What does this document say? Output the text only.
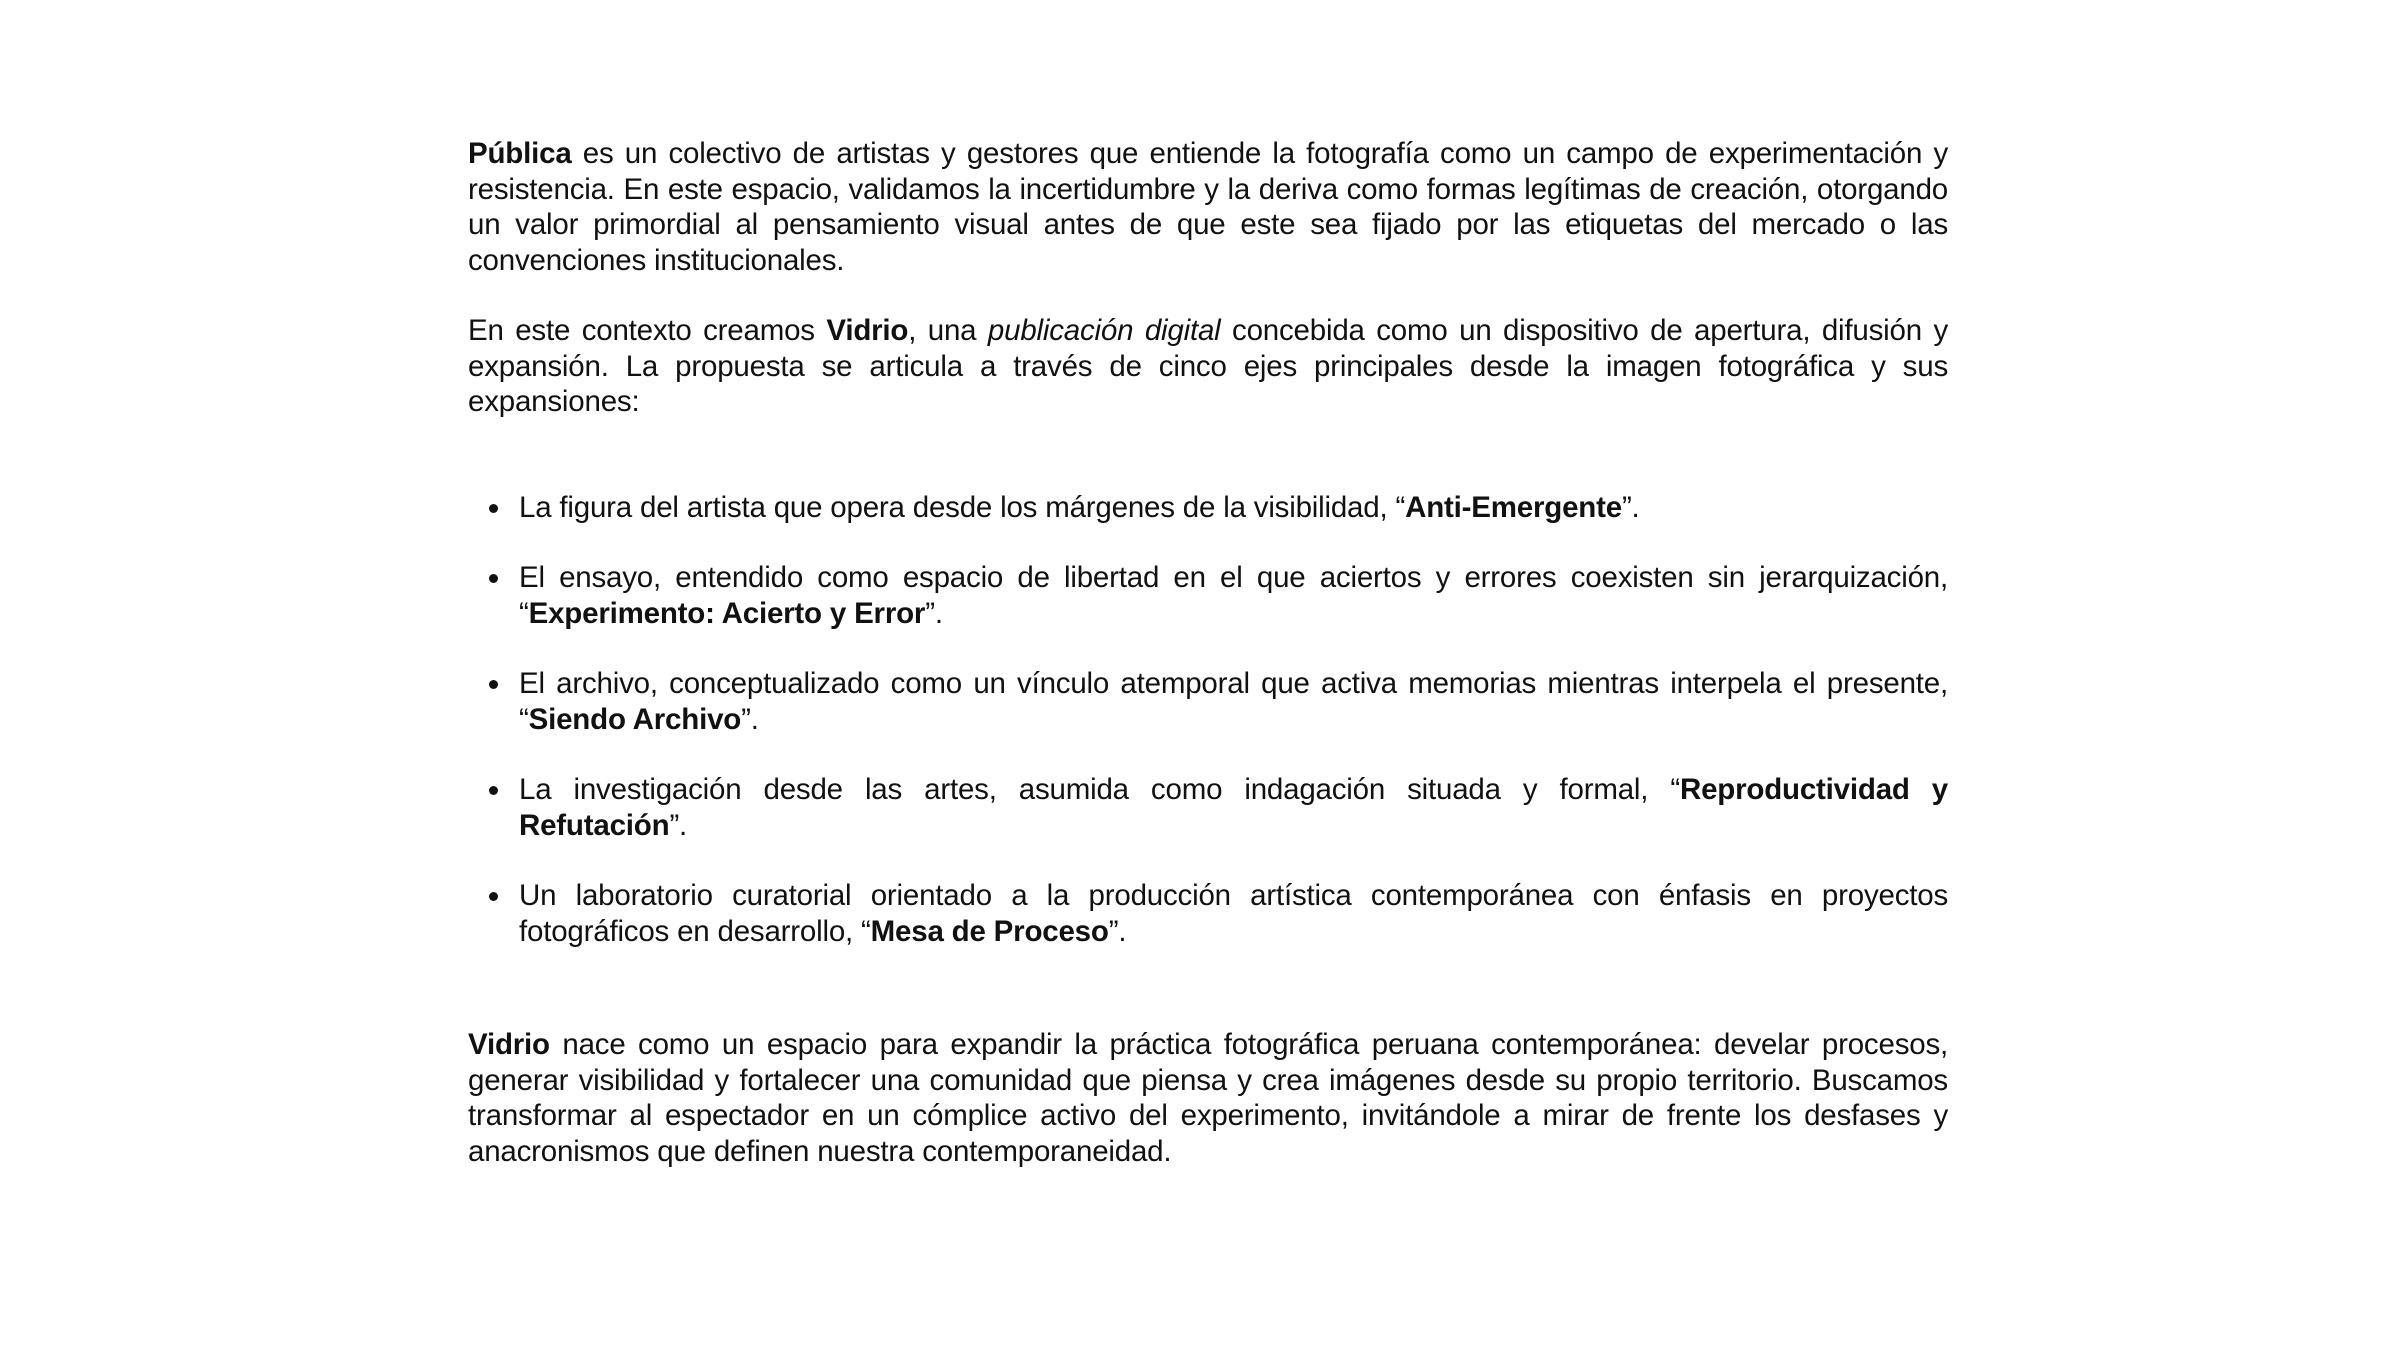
Pública es un colectivo de artistas y gestores que entiende la fotografía como un campo de experimentación y resistencia. En este espacio, validamos la incertidumbre y la deriva como formas legítimas de creación, otorgando un valor primordial al pensamiento visual antes de que este sea fijado por las etiquetas del mercado o las convenciones institucionales.

En este contexto creamos Vidrio, una publicación digital concebida como un dispositivo de apertura, difusión y expansión. La propuesta se articula a través de cinco ejes principales desde la imagen fotográfica y sus expansiones:

La figura del artista que opera desde los márgenes de la visibilidad, “Anti-Emergente”.
El ensayo, entendido como espacio de libertad en el que aciertos y errores coexisten sin jerarquización, “Experimento: Acierto y Error”.
El archivo, conceptualizado como un vínculo atemporal que activa memorias mientras interpela el presente, “Siendo Archivo”.
La investigación desde las artes, asumida como indagación situada y formal, “Reproductividad y Refutación”.
Un laboratorio curatorial orientado a la producción artística contemporánea con énfasis en proyectos fotográficos en desarrollo, “Mesa de Proceso”.

Vidrio nace como un espacio para expandir la práctica fotográfica peruana contemporánea: develar procesos, generar visibilidad y fortalecer una comunidad que piensa y crea imágenes desde su propio territorio. Buscamos transformar al espectador en un cómplice activo del experimento, invitándole a mirar de frente los desfases y anacronismos que definen nuestra contemporaneidad.
